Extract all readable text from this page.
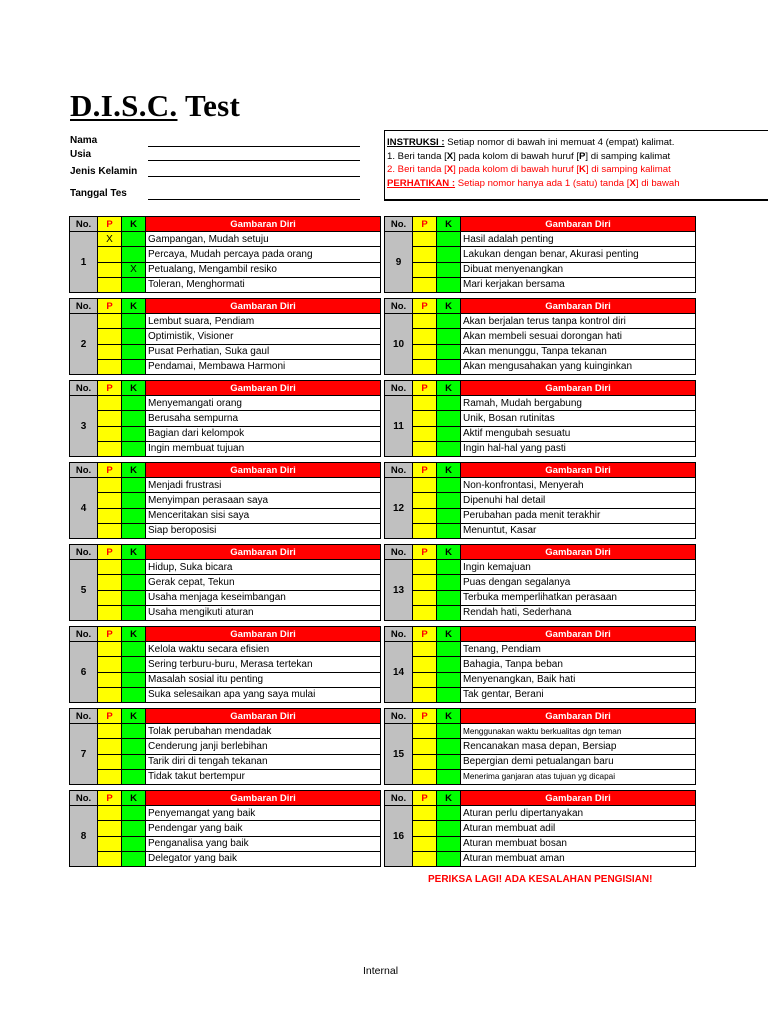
D.I.S.C. Test
Nama
Usia
Jenis Kelamin
Tanggal Tes
INSTRUKSI : Setiap nomor di bawah ini memuat 4 (empat) kalimat.
1. Beri tanda [X] pada kolom di bawah huruf [P] di samping kalimat
2. Beri tanda [X] pada kolom di bawah huruf [K] di samping kalimat
PERHATIKAN : Setiap nomor hanya ada 1 (satu) tanda [X] di bawah
No.	P	K	Gambaran Diri
1	X		Gampangan, Mudah setuju
			Percaya, Mudah percaya pada orang
		X	Petualang, Mengambil resiko
			Toleran, Menghormati
No.	P	K	Gambaran Diri
9			Hasil adalah penting
			Lakukan dengan benar, Akurasi penting
			Dibuat menyenangkan
			Mari kerjakan bersama
No.	P	K	Gambaran Diri
2			Lembut suara, Pendiam
			Optimistik, Visioner
			Pusat Perhatian, Suka gaul
			Pendamai, Membawa Harmoni
No.	P	K	Gambaran Diri
10			Akan berjalan terus tanpa kontrol diri
			Akan membeli sesuai dorongan hati
			Akan menunggu, Tanpa tekanan
			Akan mengusahakan yang kuinginkan
No.	P	K	Gambaran Diri
3			Menyemangati orang
			Berusaha sempurna
			Bagian dari kelompok
			Ingin membuat tujuan
No.	P	K	Gambaran Diri
11			Ramah, Mudah bergabung
			Unik, Bosan rutinitas
			Aktif mengubah sesuatu
			Ingin hal-hal yang pasti
No.	P	K	Gambaran Diri
4			Menjadi frustrasi
			Menyimpan perasaan saya
			Menceritakan sisi saya
			Siap beroposisi
No.	P	K	Gambaran Diri
12			Non-konfrontasi, Menyerah
			Dipenuhi hal detail
			Perubahan pada menit terakhir
			Menuntut, Kasar
No.	P	K	Gambaran Diri
5			Hidup, Suka bicara
			Gerak cepat, Tekun
			Usaha menjaga keseimbangan
			Usaha mengikuti aturan
No.	P	K	Gambaran Diri
13			Ingin kemajuan
			Puas dengan segalanya
			Terbuka memperlihatkan perasaan
			Rendah hati, Sederhana
No.	P	K	Gambaran Diri
6			Kelola waktu secara efisien
			Sering terburu-buru, Merasa tertekan
			Masalah sosial itu penting
			Suka selesaikan apa yang saya mulai
No.	P	K	Gambaran Diri
14			Tenang, Pendiam
			Bahagia, Tanpa beban
			Menyenangkan, Baik hati
			Tak gentar, Berani
No.	P	K	Gambaran Diri
7			Tolak perubahan mendadak
			Cenderung janji berlebihan
			Tarik diri di tengah tekanan
			Tidak takut bertempur
No.	P	K	Gambaran Diri
15			Menggunakan waktu berkualitas dgn teman
			Rencanakan masa depan, Bersiap
			Bepergian demi petualangan baru
			Menerima ganjaran atas tujuan yg dicapai
No.	P	K	Gambaran Diri
8			Penyemangat yang baik
			Pendengar yang baik
			Penganalisa yang baik
			Delegator yang baik
No.	P	K	Gambaran Diri
16			Aturan perlu dipertanyakan
			Aturan membuat adil
			Aturan membuat bosan
			Aturan membuat aman
PERIKSA LAGI! ADA KESALAHAN PENGISIAN!
Internal
